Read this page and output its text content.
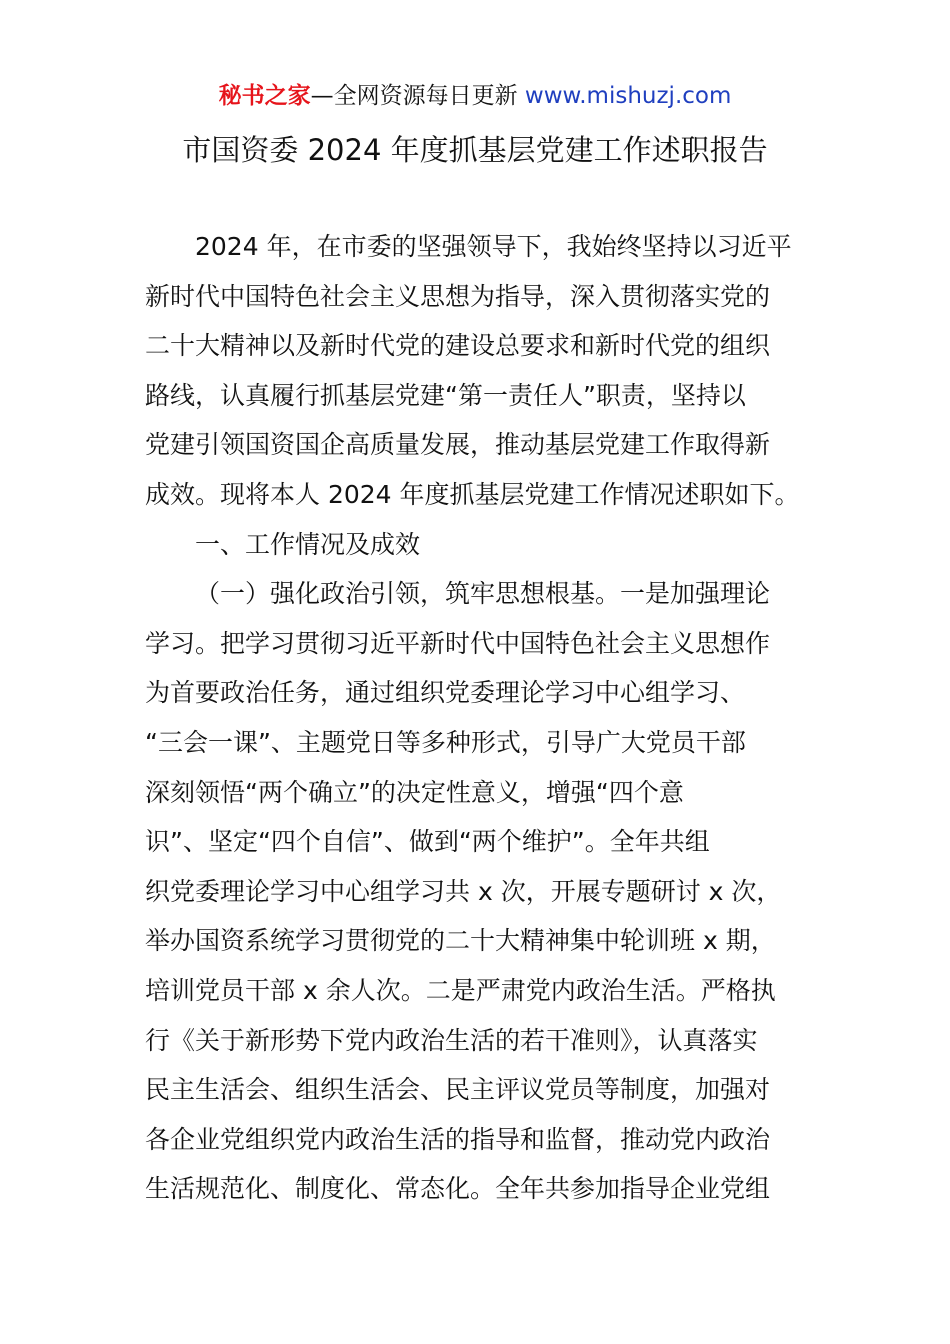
秘书之家—全网资源每日更新 www.mishuzj.com
市国资委 2024 年度抓基层党建工作述职报告
2024 年，在市委的坚强领导下，我始终坚持以习近平
新时代中国特色社会主义思想为指导，深入贯彻落实党的
二十大精神以及新时代党的建设总要求和新时代党的组织
路线，认真履行抓基层党建“第一责任人”职责，坚持以
党建引领国资国企高质量发展，推动基层党建工作取得新
成效。现将本人 2024 年度抓基层党建工作情况述职如下。
一、工作情况及成效
（一）强化政治引领，筑牢思想根基。一是加强理论
学习。把学习贯彻习近平新时代中国特色社会主义思想作
为首要政治任务，通过组织党委理论学习中心组学习、
“三会一课”、主题党日等多种形式，引导广大党员干部
深刻领悟“两个确立”的决定性意义，增强“四个意
识”、坚定“四个自信”、做到“两个维护”。全年共组
织党委理论学习中心组学习共 x 次，开展专题研讨 x 次，
举办国资系统学习贯彻党的二十大精神集中轮训班 x 期，
培训党员干部 x 余人次。二是严肃党内政治生活。严格执
行《关于新形势下党内政治生活的若干准则》，认真落实
民主生活会、组织生活会、民主评议党员等制度，加强对
各企业党组织党内政治生活的指导和监督，推动党内政治
生活规范化、制度化、常态化。全年共参加指导企业党组
